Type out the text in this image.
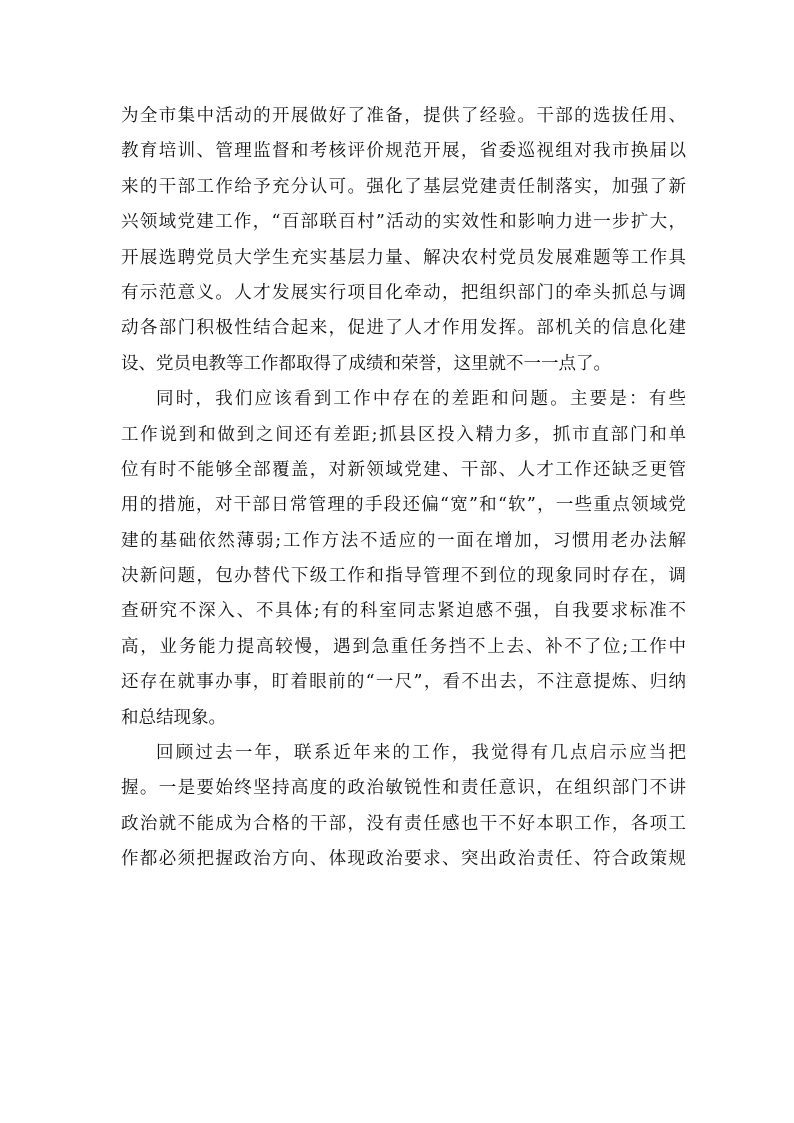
为全市集中活动的开展做好了准备，提供了经验。干部的选拔任用、
教育培训、管理监督和考核评价规范开展，省委巡视组对我市换届以
来的干部工作给予充分认可。强化了基层党建责任制落实，加强了新
兴领域党建工作，“百部联百村”活动的实效性和影响力进一步扩大，
开展选聘党员大学生充实基层力量、解决农村党员发展难题等工作具
有示范意义。人才发展实行项目化牵动，把组织部门的牵头抓总与调
动各部门积极性结合起来，促进了人才作用发挥。部机关的信息化建
设、党员电教等工作都取得了成绩和荣誉，这里就不一一点了。
同时，我们应该看到工作中存在的差距和问题。主要是：有些
工作说到和做到之间还有差距;抓县区投入精力多，抓市直部门和单
位有时不能够全部覆盖，对新领域党建、干部、人才工作还缺乏更管
用的措施，对干部日常管理的手段还偏“宽”和“软”，一些重点领域党
建的基础依然薄弱;工作方法不适应的一面在增加，习惯用老办法解
决新问题，包办替代下级工作和指导管理不到位的现象同时存在，调
查研究不深入、不具体;有的科室同志紧迫感不强，自我要求标准不
高，业务能力提高较慢，遇到急重任务挡不上去、补不了位;工作中
还存在就事办事，盯着眼前的“一尺”，看不出去，不注意提炼、归纳
和总结现象。
回顾过去一年，联系近年来的工作，我觉得有几点启示应当把
握。一是要始终坚持高度的政治敏锐性和责任意识，在组织部门不讲
政治就不能成为合格的干部，没有责任感也干不好本职工作，各项工
作都必须把握政治方向、体现政治要求、突出政治责任、符合政策规
